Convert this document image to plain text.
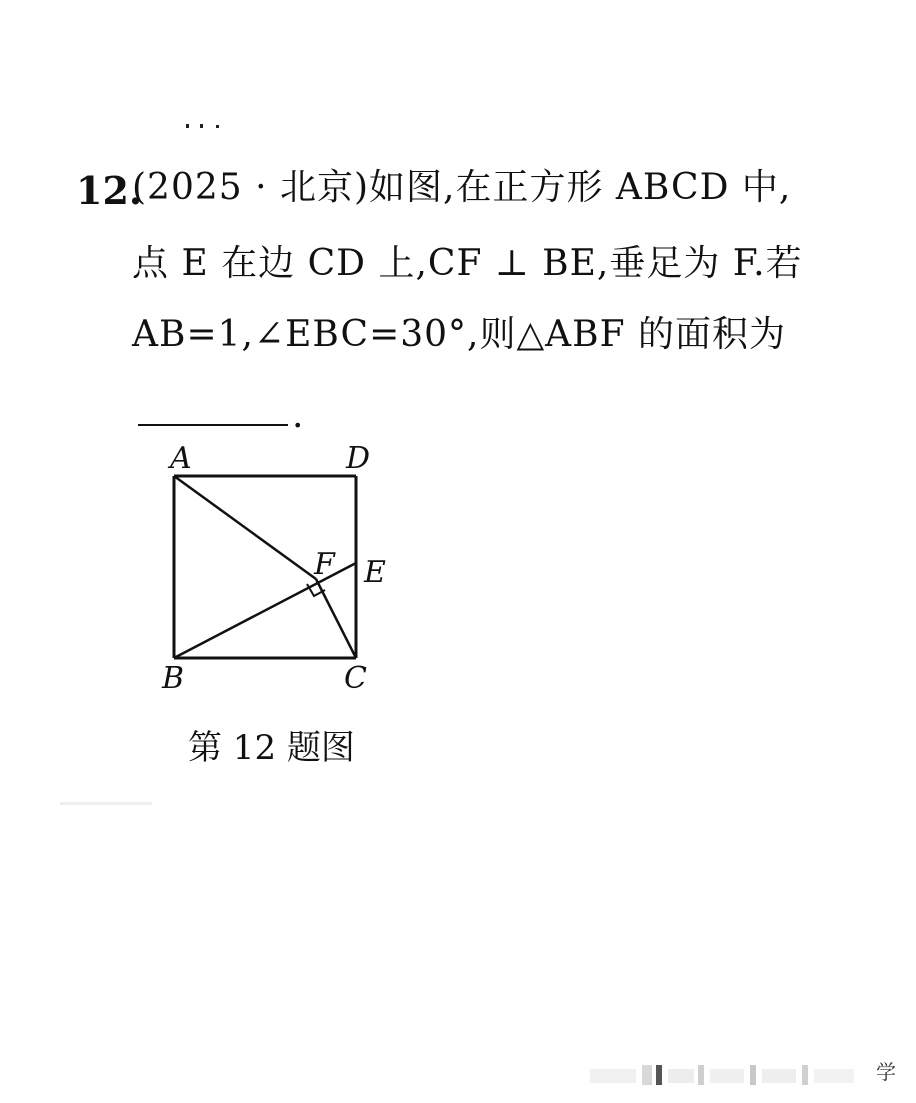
12.
(2025 · 北京)如图,在正方形 ABCD 中,
点 E 在边 CD 上,CF ⊥ BE,垂足为 F.若
AB=1,∠EBC=30°,则△ABF 的面积为
.
A	D
B	C
F E
第 12 题图
学
